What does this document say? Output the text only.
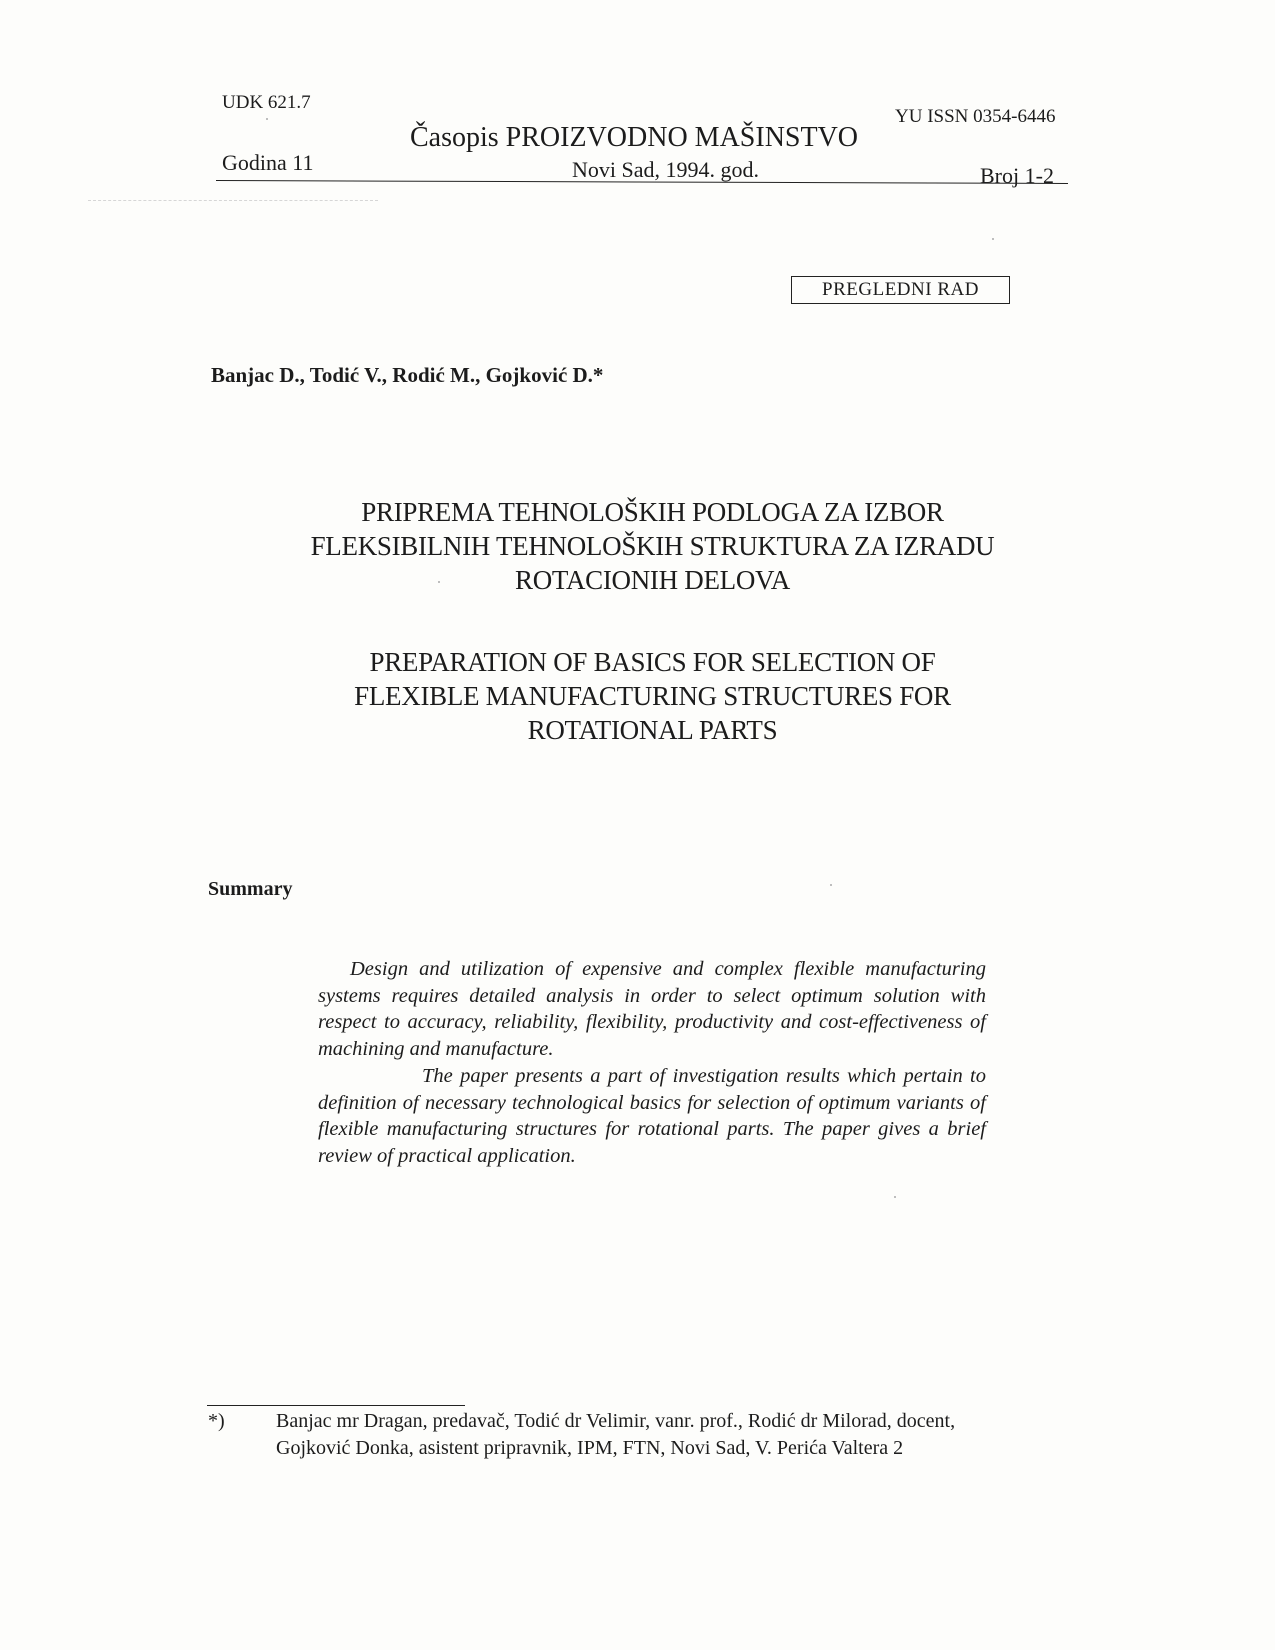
UDK 621.7
YU ISSN 0354-6446
Časopis PROIZVODNO MAŠINSTVO
Godina 11	Novi Sad, 1994. god.	Broj 1-2
PREGLEDNI RAD
Banjac D., Todić V., Rodić M., Gojković D.*
PRIPREMA TEHNOLOŠKIH PODLOGA ZA IZBOR
FLEKSIBILNIH TEHNOLOŠKIH STRUKTURA ZA IZRADU
ROTACIONIH DELOVA
PREPARATION OF BASICS FOR SELECTION OF
FLEXIBLE MANUFACTURING STRUCTURES FOR
ROTATIONAL PARTS
Summary

Design and utilization of expensive and complex flexible manufacturing systems requires detailed analysis in order to select optimum solution with respect to accuracy, reliability, flexibility, productivity and cost-effectiveness of machining and manufacture.

The paper presents a part of investigation results which pertain to definition of necessary technological basics for selection of optimum variants of flexible manufacturing structures for rotational parts. The paper gives a brief review of practical application.

*)	Banjac mr Dragan, predavač, Todić dr Velimir, vanr. prof., Rodić dr Milorad, docent,
Gojković Donka, asistent pripravnik, IPM, FTN, Novi Sad, V. Perića Valtera 2
